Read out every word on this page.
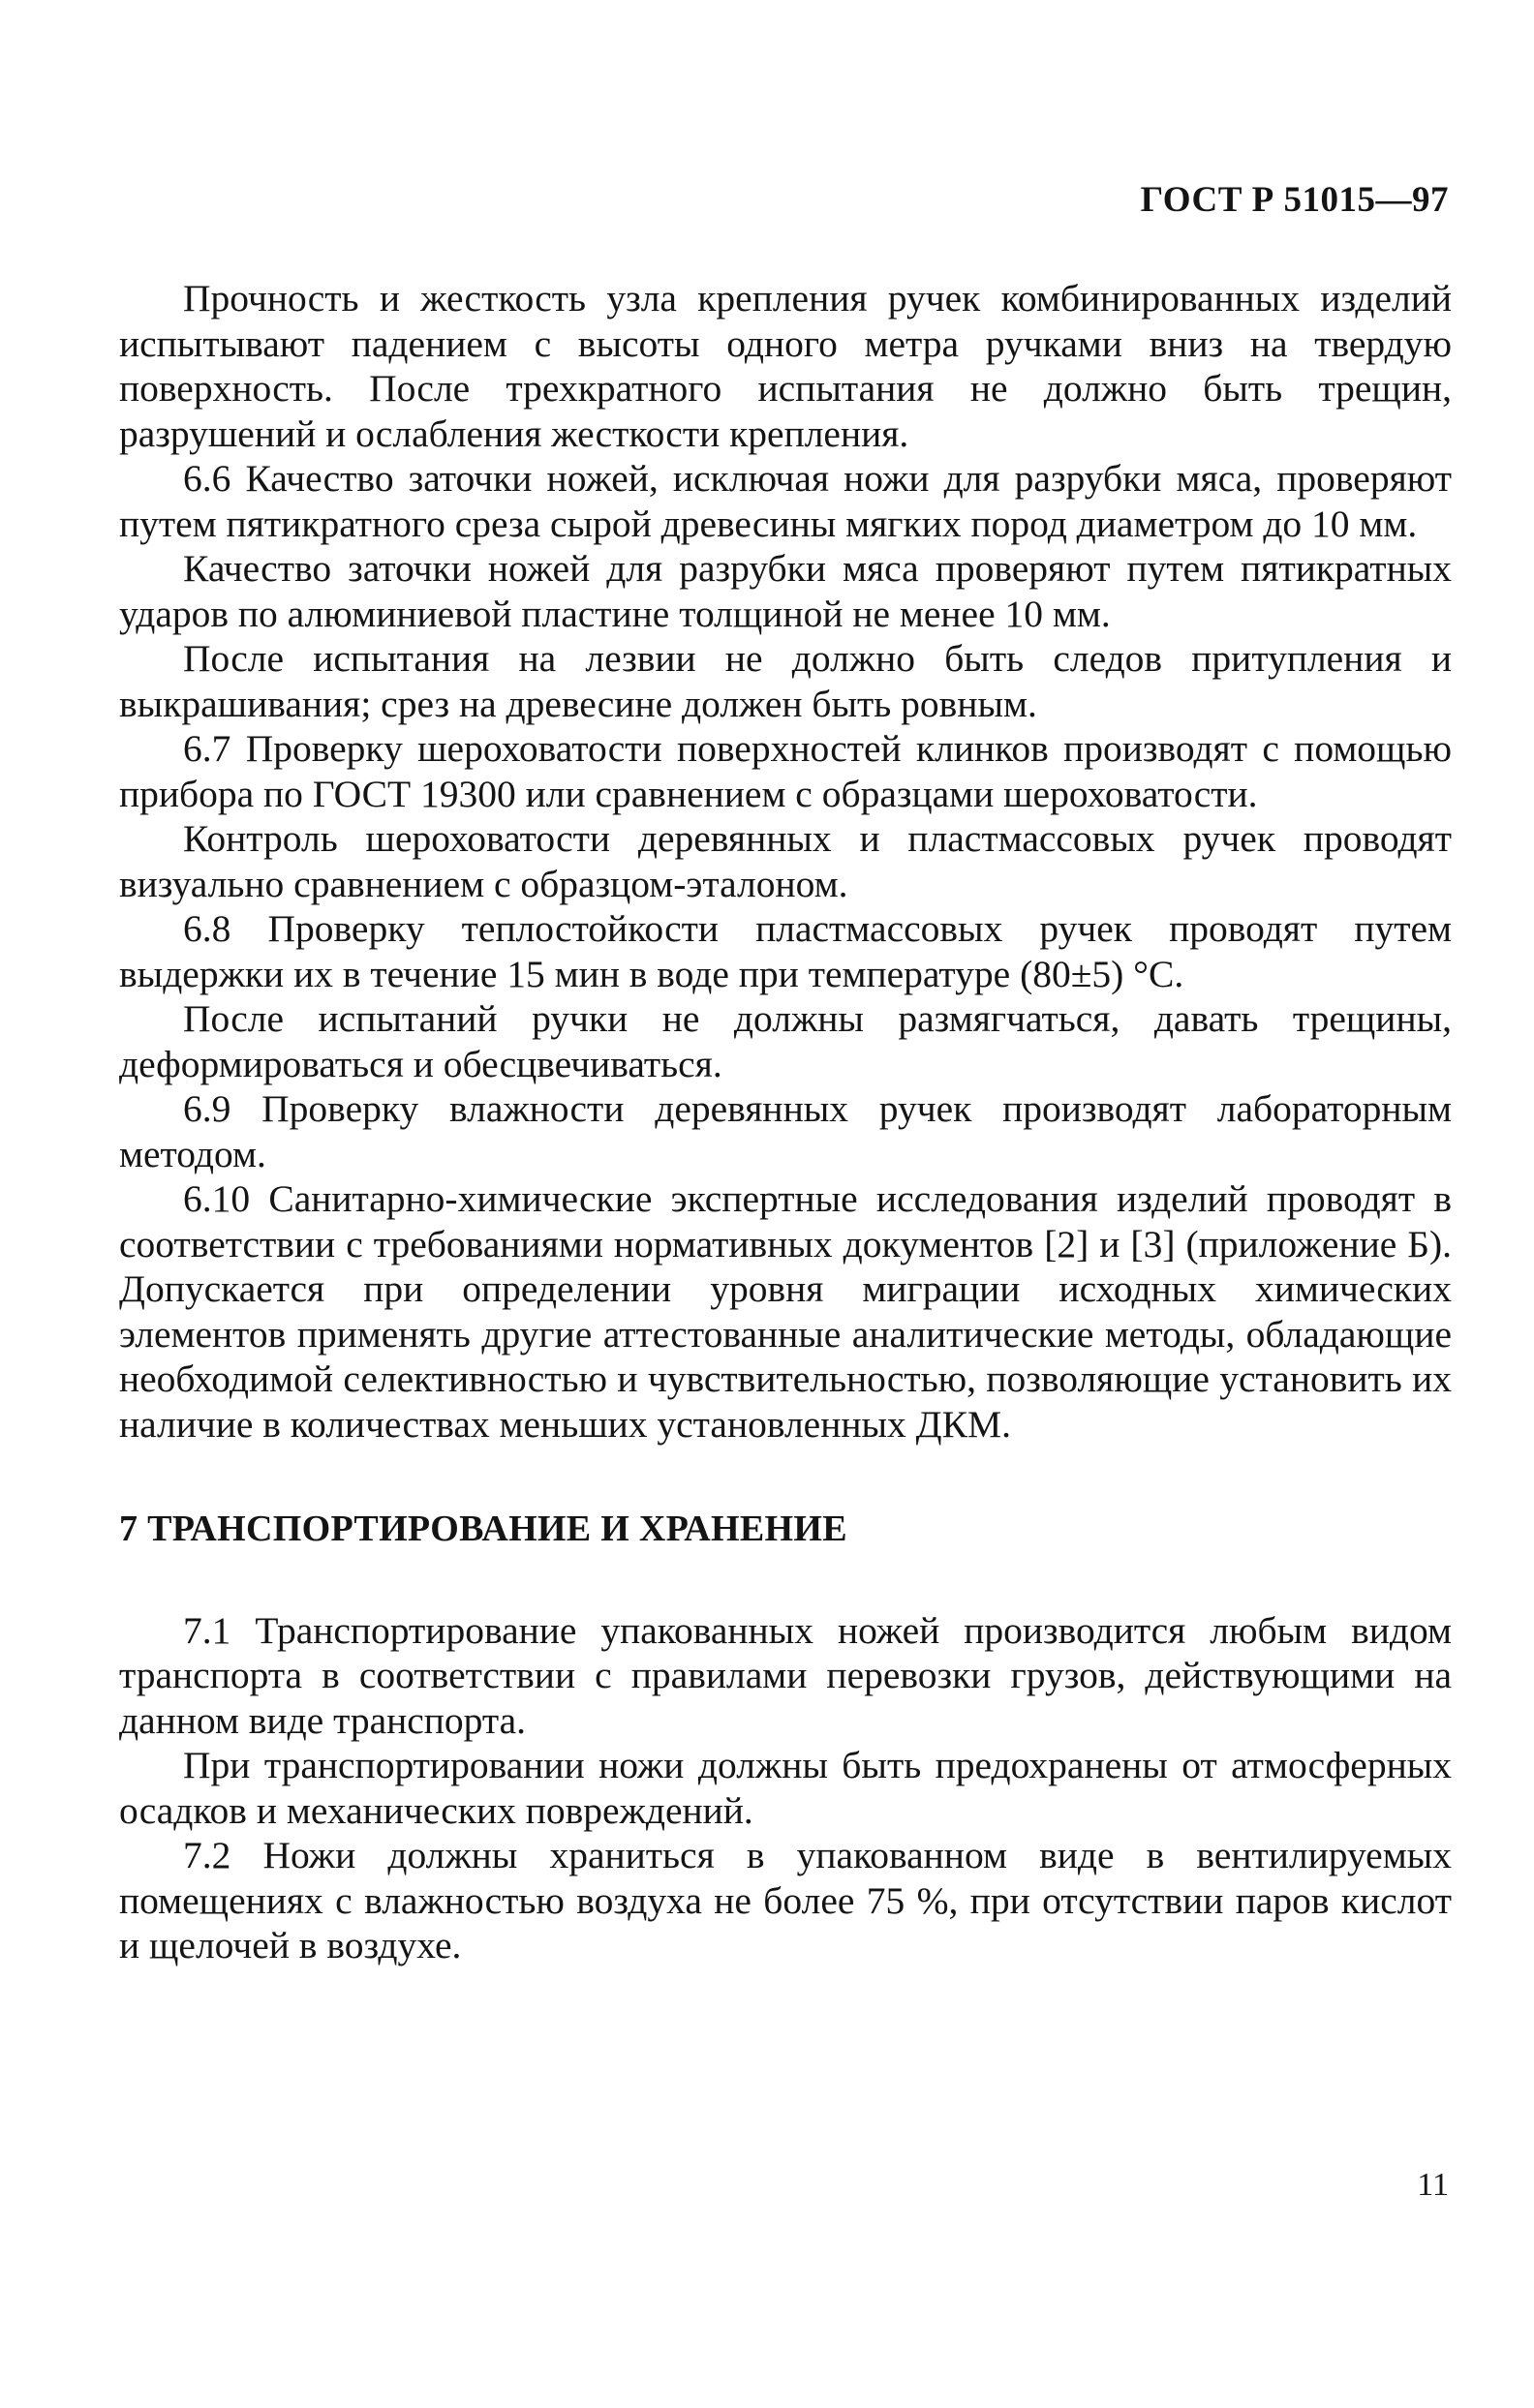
ГОСТ Р 51015—97

Прочность и жесткость узла крепления ручек комбинированных изделий испытывают падением с высоты одного метра ручками вниз на твердую поверхность. После трехкратного испытания не должно быть трещин, разрушений и ослабления жесткости крепления.

6.6 Качество заточки ножей, исключая ножи для разрубки мяса, проверяют путем пятикратного среза сырой древесины мягких пород диаметром до 10 мм.

Качество заточки ножей для разрубки мяса проверяют путем пятикратных ударов по алюминиевой пластине толщиной не менее 10 мм.

После испытания на лезвии не должно быть следов притупления и выкрашивания; срез на древесине должен быть ровным.

6.7 Проверку шероховатости поверхностей клинков производят с помощью прибора по ГОСТ 19300 или сравнением с образцами шероховатости.

Контроль шероховатости деревянных и пластмассовых ручек проводят визуально сравнением с образцом-эталоном.

6.8 Проверку теплостойкости пластмассовых ручек проводят путем выдержки их в течение 15 мин в воде при температуре (80±5) °С.

После испытаний ручки не должны размягчаться, давать трещины, деформироваться и обесцвечиваться.

6.9 Проверку влажности деревянных ручек производят лабораторным методом.

6.10 Санитарно-химические экспертные исследования изделий проводят в соответствии с требованиями нормативных документов [2] и [3] (приложение Б). Допускается при определении уровня миграции исходных химических элементов применять другие аттестованные аналитические методы, обладающие необходимой селективностью и чувствительностью, позволяющие установить их наличие в количествах меньших установленных ДКМ.

7 ТРАНСПОРТИРОВАНИЕ И ХРАНЕНИЕ

7.1 Транспортирование упакованных ножей производится любым видом транспорта в соответствии с правилами перевозки грузов, действующими на данном виде транспорта.

При транспортировании ножи должны быть предохранены от атмосферных осадков и механических повреждений.

7.2 Ножи должны храниться в упакованном виде в вентилируемых помещениях с влажностью воздуха не более 75 %, при отсутствии паров кислот и щелочей в воздухе.

11
